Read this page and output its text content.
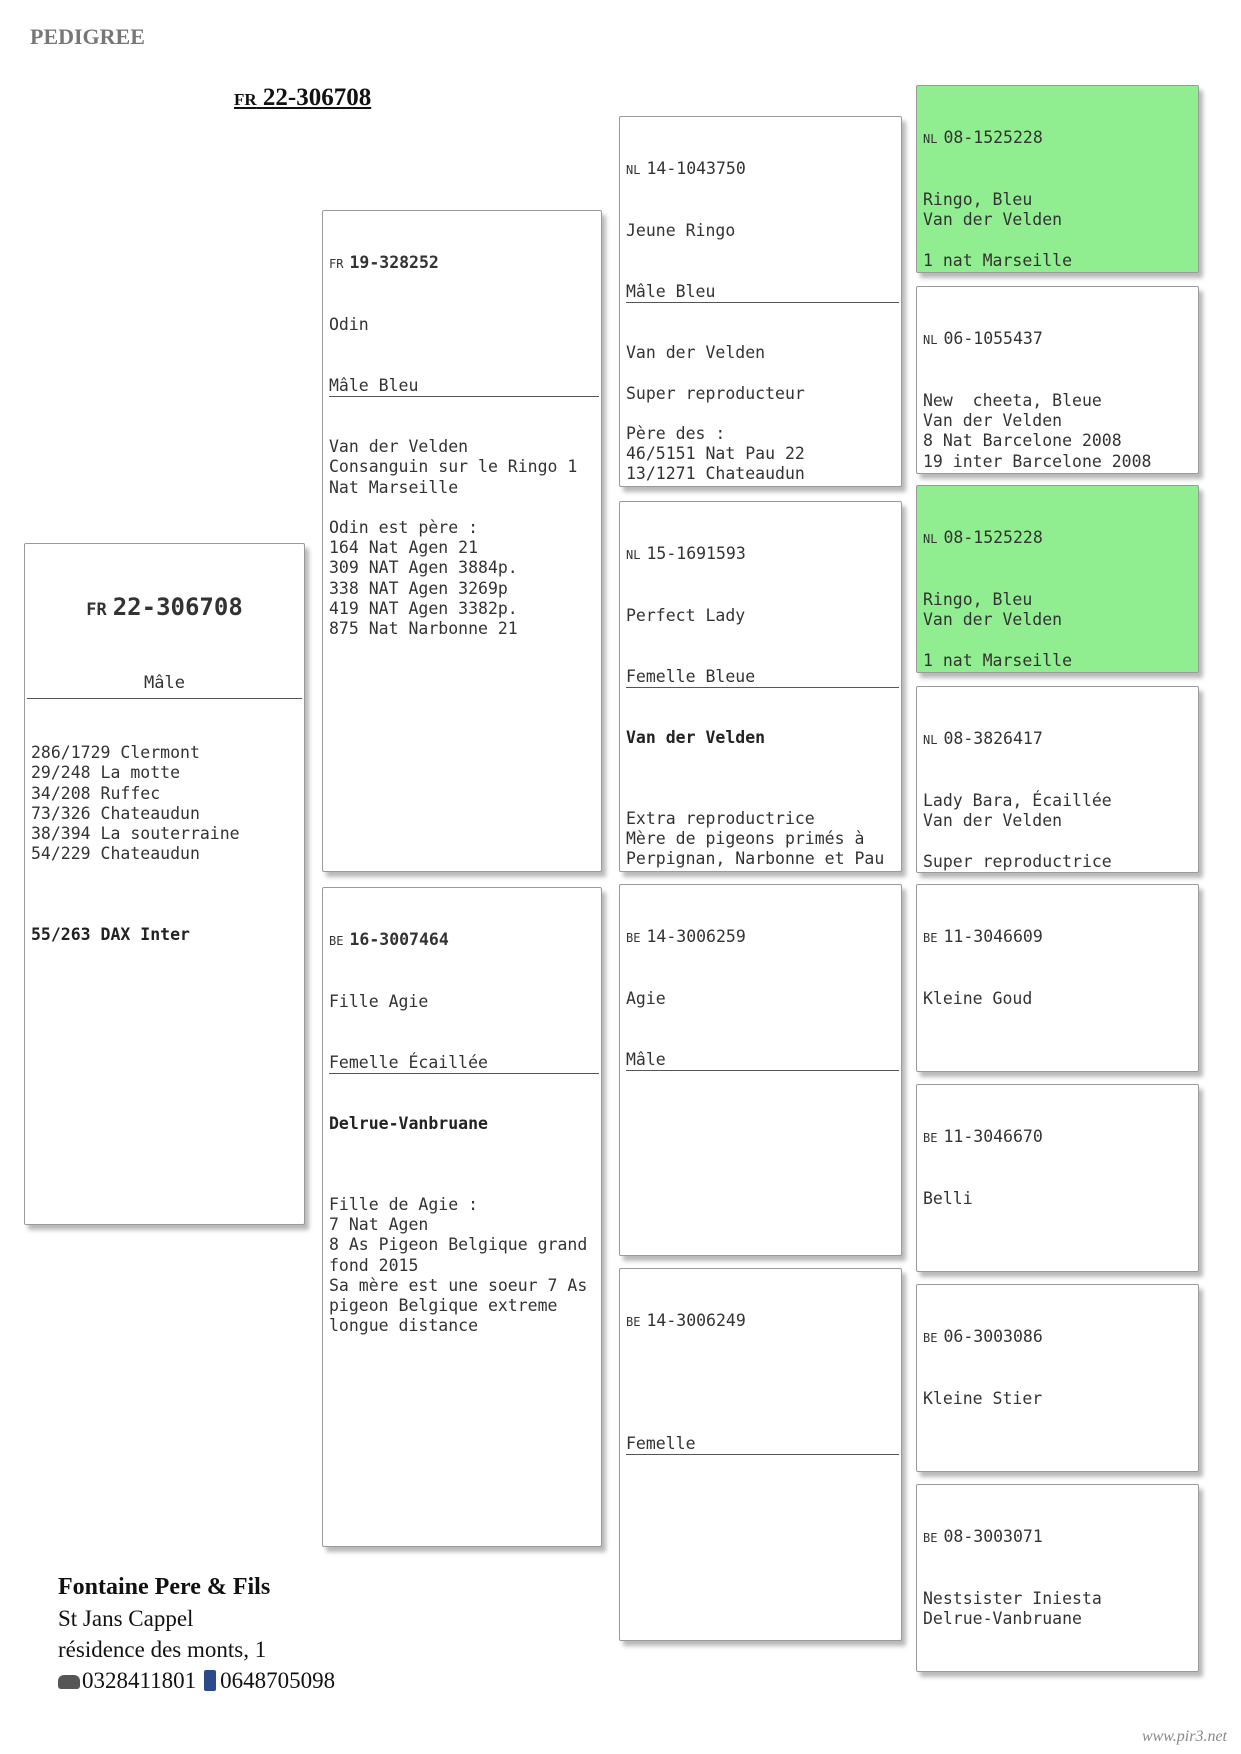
PEDIGREE
FR 22-306708

FR 22-306708

Mâle

286/1729 Clermont
29/248 La motte
34/208 Ruffec
73/326 Chateaudun
38/394 La souterraine
54/229 Chateaudun

55/263 DAX Inter

FR 19-328252

Odin

Mâle Bleu

Van der Velden
Consanguin sur le Ringo 1
Nat Marseille

Odin est père :
164 Nat Agen 21
309 NAT Agen 3884p.
338 NAT Agen 3269p
419 NAT Agen 3382p.
875 Nat Narbonne 21

BE 16-3007464

Fille Agie

Femelle Écaillée

Delrue-Vanbruane

Fille de Agie :
7 Nat Agen
8 As Pigeon Belgique grand
fond 2015
Sa mère est une soeur 7 As
pigeon Belgique extreme
longue distance

NL 14-1043750

Jeune Ringo

Mâle Bleu

Van der Velden

Super reproducteur

Père des :
46/5151 Nat Pau 22
13/1271 Chateaudun

NL 15-1691593

Perfect Lady

Femelle Bleue

Van der Velden

Extra reproductrice
Mère de pigeons primés à
Perpignan, Narbonne et Pau

BE 14-3006259

Agie

Mâle

BE 14-3006249

Femelle

NL 08-1525228

Ringo, Bleu
Van der Velden

1 nat Marseille

NL 06-1055437

New  cheeta, Bleue
Van der Velden
8 Nat Barcelone 2008
19 inter Barcelone 2008

NL 08-1525228

Ringo, Bleu
Van der Velden

1 nat Marseille

NL 08-3826417

Lady Bara, Écaillée
Van der Velden

Super reproductrice

BE 11-3046609

Kleine Goud

BE 11-3046670

Belli

BE 06-3003086

Kleine Stier

BE 08-3003071

Nestsister Iniesta
Delrue-Vanbruane

Fontaine Pere & Fils
St Jans Cappel
résidence des monts, 1
0328411801 0648705098
www.pir3.net
